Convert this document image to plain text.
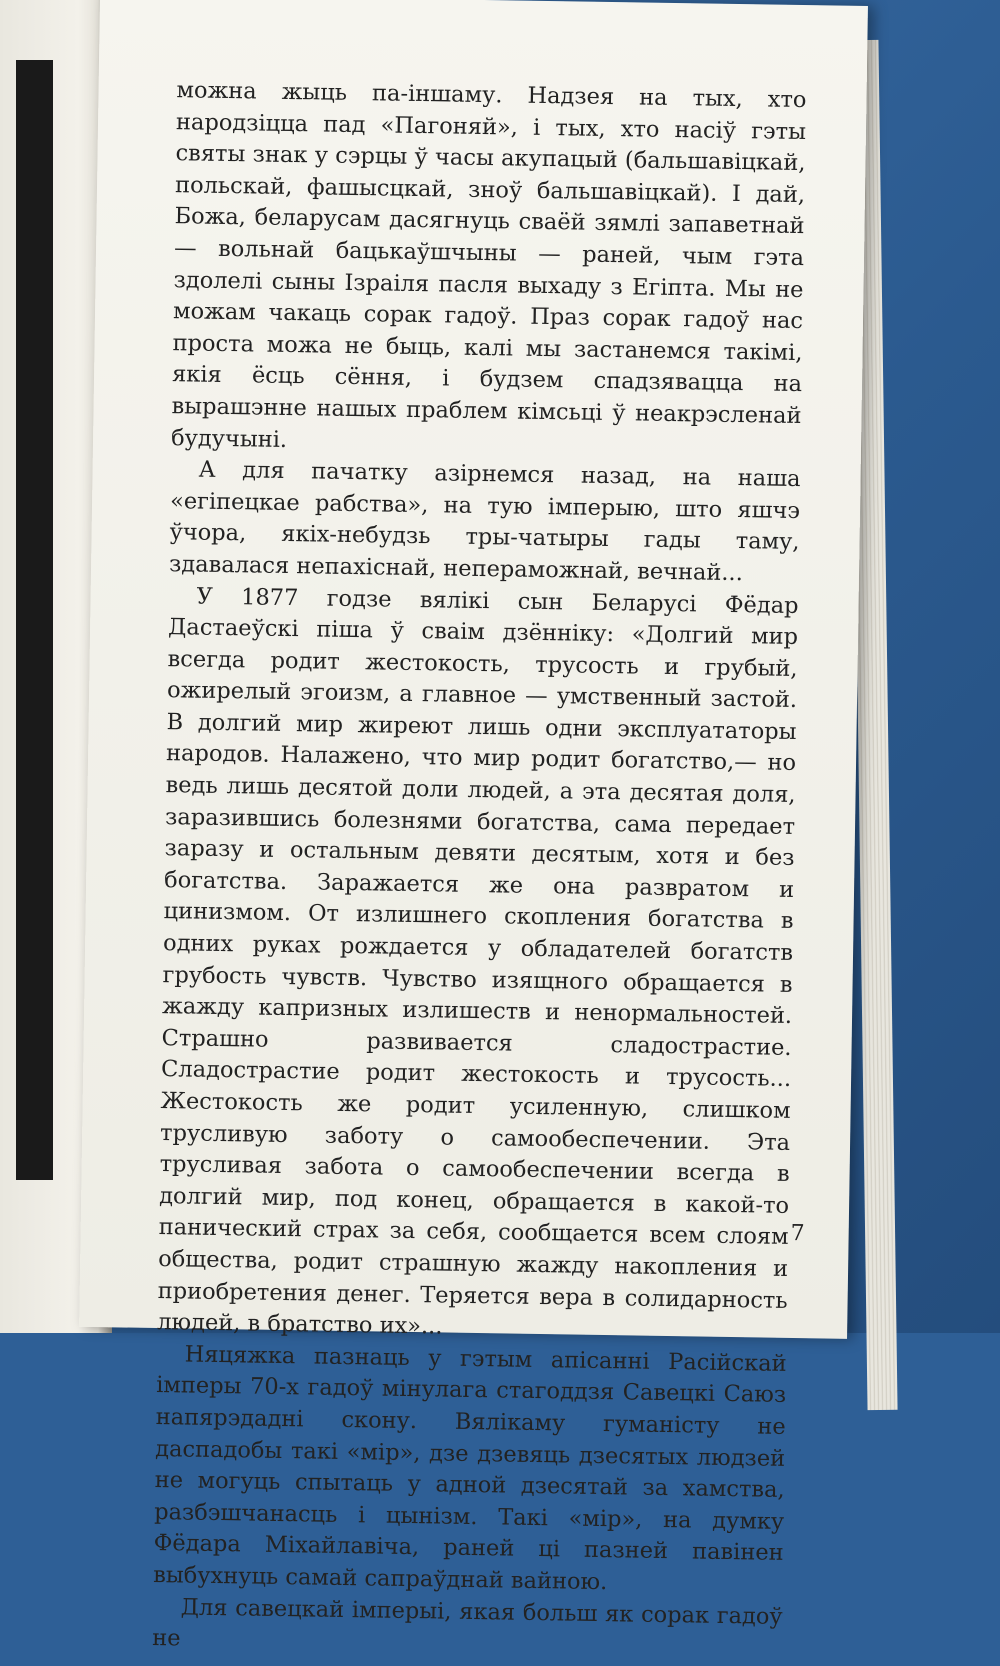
можна жыць па-іншаму. Надзея на тых, хто народзіцца пад «Пагоняй», і тых, хто насіў гэты святы знак у сэрцы ў часы акупацый (бальшавіцкай, польскай, фашысцкай, зноў бальшавіцкай). І дай, Божа, беларусам дасягнуць сваёй зямлі запаветнай — вольнай бацькаўшчыны — раней, чым гэта здолелі сыны Ізраіля пасля выхаду з Егіпта. Мы не можам чакаць сорак гадоў. Праз сорак гадоў нас проста можа не быць, калі мы застанемся такімі, якія ёсць сёння, і будзем спадзявацца на вырашэнне нашых праблем кімсьці ў неакрэсленай будучыні.

А для пачатку азірнемся назад, на наша «егіпецкае рабства», на тую імперыю, што яшчэ ўчора, якіх-небудзь тры-чатыры гады таму, здавалася непахіснай, непераможнай, вечнай...

У 1877 годзе вялікі сын Беларусі Фёдар Дастаеўскі піша ў сваім дзённіку: «Долгий мир всегда родит жестокость, трусость и грубый, ожирелый эгоизм, а главное — умственный застой. В долгий мир жиреют лишь одни эксплуататоры народов. Налажено, что мир родит богатство,— но ведь лишь десятой доли людей, а эта десятая доля, заразившись болезнями богатства, сама передает заразу и остальным девяти десятым, хотя и без богатства. Заражается же она развратом и цинизмом. От излишнего скопления богатства в одних руках рождается у обладателей богатств грубость чувств. Чувство изящного обращается в жажду капризных излишеств и ненормальностей. Страшно развивается сладострастие. Сладострастие родит жестокость и трусость... Жестокость же родит усиленную, слишком трусливую заботу о самообеспечении. Эта трусливая забота о самообеспечении всегда в долгий мир, под конец, обращается в какой-то панический страх за себя, сообщается всем слоям общества, родит страшную жажду накопления и приобретения денег. Теряется вера в солидарность людей, в братство их»...

Няцяжка пазнаць у гэтым апісанні Расійскай імперы 70-х гадоў мінулага стагоддзя Савецкі Саюз напярэдадні скону. Вялікаму гуманісту не даспадобы такі «мір», дзе дзевяць дзесятых людзей не могуць спытаць у адной дзесятай за хамства, разбэшчанасць і цынізм. Такі «мір», на думку Фёдара Міхайлавіча, раней ці пазней павінен выбухнуць самай сапраўднай вайною.

Для савецкай імперыі, якая больш як сорак гадоў не

7
